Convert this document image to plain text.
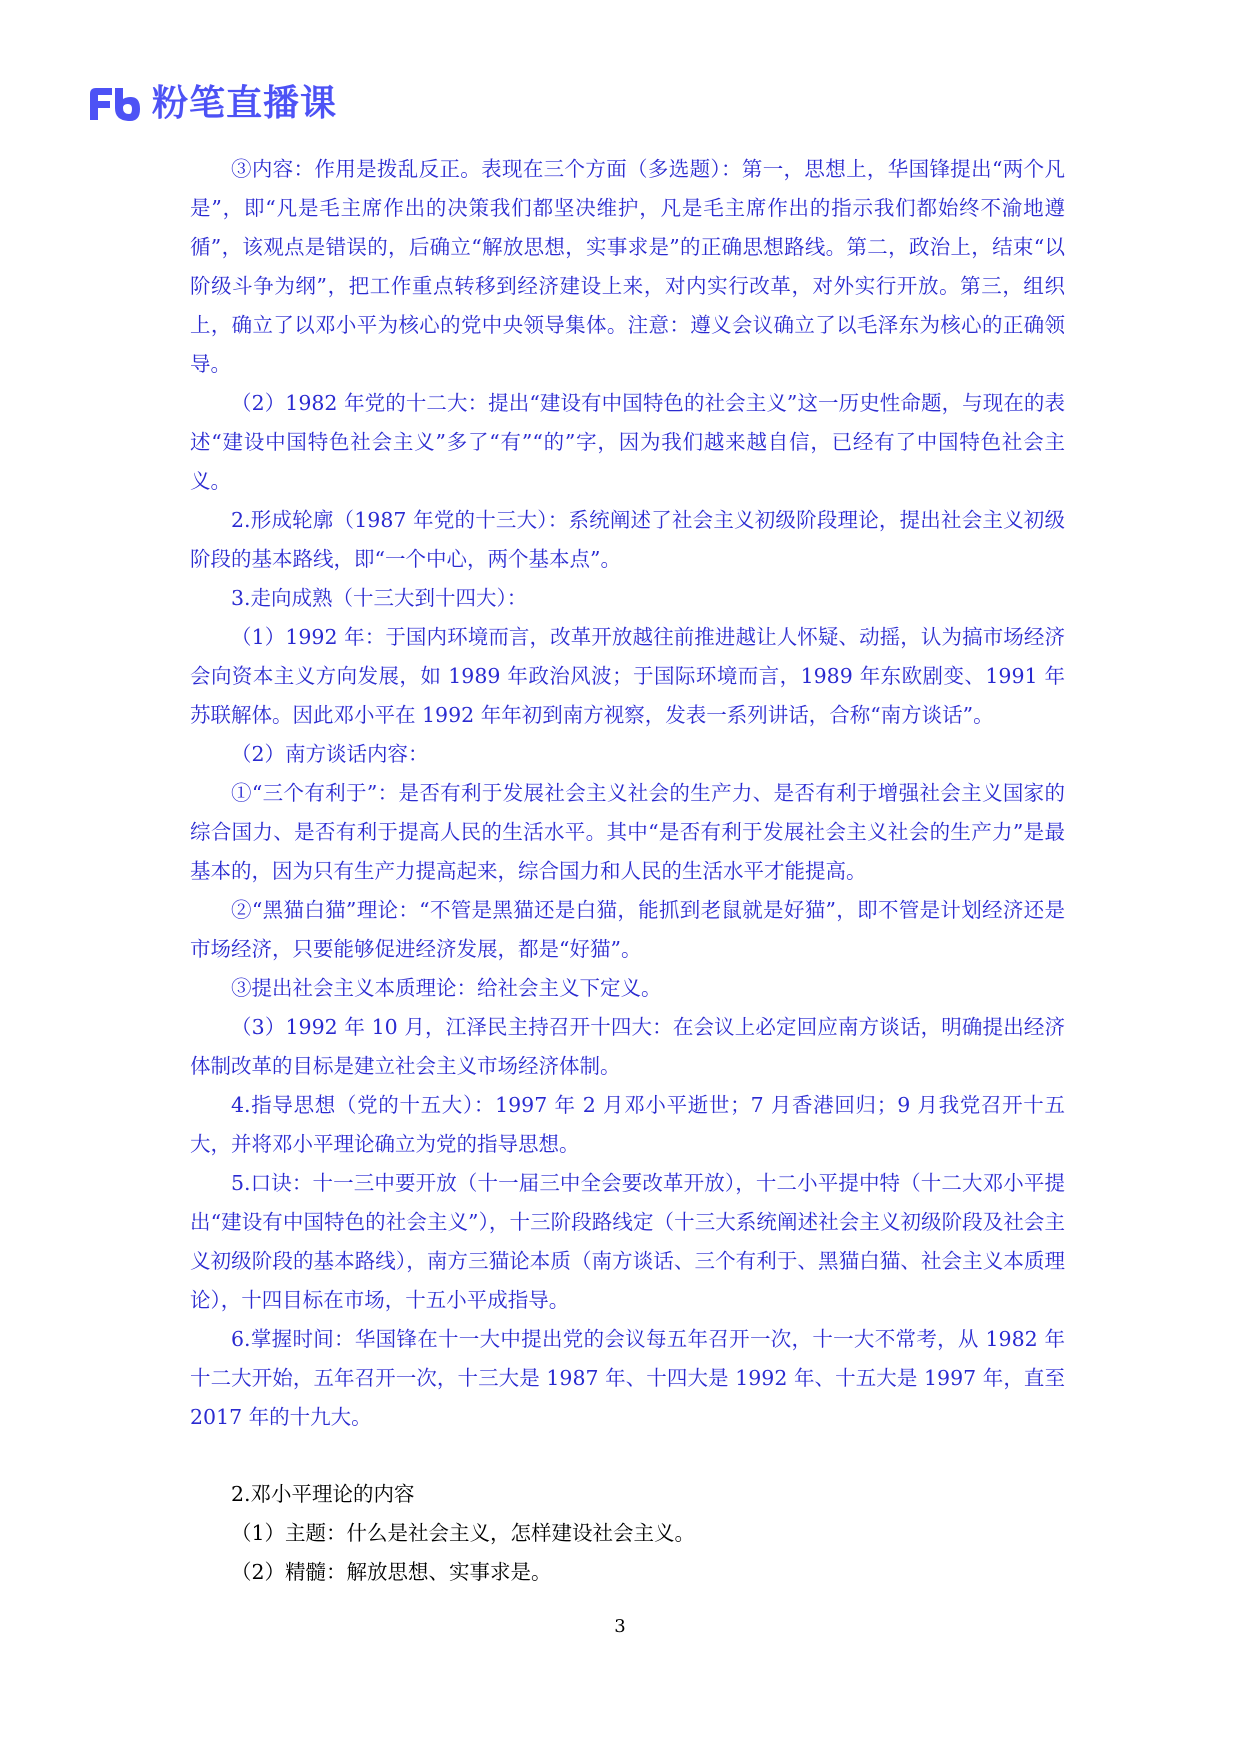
粉笔直播课

③内容：作用是拨乱反正。表现在三个方面（多选题）：第一，思想上，华国锋提出“两个凡是”，即“凡是毛主席作出的决策我们都坚决维护，凡是毛主席作出的指示我们都始终不渝地遵循”，该观点是错误的，后确立“解放思想，实事求是”的正确思想路线。第二，政治上，结束“以阶级斗争为纲”，把工作重点转移到经济建设上来，对内实行改革，对外实行开放。第三，组织上，确立了以邓小平为核心的党中央领导集体。注意：遵义会议确立了以毛泽东为核心的正确领导。

（2）1982 年党的十二大：提出“建设有中国特色的社会主义”这一历史性命题，与现在的表述“建设中国特色社会主义”多了“有”“的”字，因为我们越来越自信，已经有了中国特色社会主义。

2.形成轮廓（1987 年党的十三大）：系统阐述了社会主义初级阶段理论，提出社会主义初级阶段的基本路线，即“一个中心，两个基本点”。

3.走向成熟（十三大到十四大）：

（1）1992 年：于国内环境而言，改革开放越往前推进越让人怀疑、动摇，认为搞市场经济会向资本主义方向发展，如 1989 年政治风波；于国际环境而言，1989 年东欧剧变、1991 年苏联解体。因此邓小平在 1992 年年初到南方视察，发表一系列讲话，合称“南方谈话”。

（2）南方谈话内容：

①“三个有利于”：是否有利于发展社会主义社会的生产力、是否有利于增强社会主义国家的综合国力、是否有利于提高人民的生活水平。其中“是否有利于发展社会主义社会的生产力”是最基本的，因为只有生产力提高起来，综合国力和人民的生活水平才能提高。

②“黑猫白猫”理论：“不管是黑猫还是白猫，能抓到老鼠就是好猫”，即不管是计划经济还是市场经济，只要能够促进经济发展，都是“好猫”。

③提出社会主义本质理论：给社会主义下定义。

（3）1992 年 10 月，江泽民主持召开十四大：在会议上必定回应南方谈话，明确提出经济体制改革的目标是建立社会主义市场经济体制。

4.指导思想（党的十五大）：1997 年 2 月邓小平逝世；7 月香港回归；9 月我党召开十五大，并将邓小平理论确立为党的指导思想。

5.口诀：十一三中要开放（十一届三中全会要改革开放），十二小平提中特（十二大邓小平提出“建设有中国特色的社会主义”），十三阶段路线定（十三大系统阐述社会主义初级阶段及社会主义初级阶段的基本路线），南方三猫论本质（南方谈话、三个有利于、黑猫白猫、社会主义本质理论），十四目标在市场，十五小平成指导。

6.掌握时间：华国锋在十一大中提出党的会议每五年召开一次，十一大不常考，从 1982 年十二大开始，五年召开一次，十三大是 1987 年、十四大是 1992 年、十五大是 1997 年，直至 2017 年的十九大。

2.邓小平理论的内容

（1）主题：什么是社会主义，怎样建设社会主义。

（2）精髓：解放思想、实事求是。

3
